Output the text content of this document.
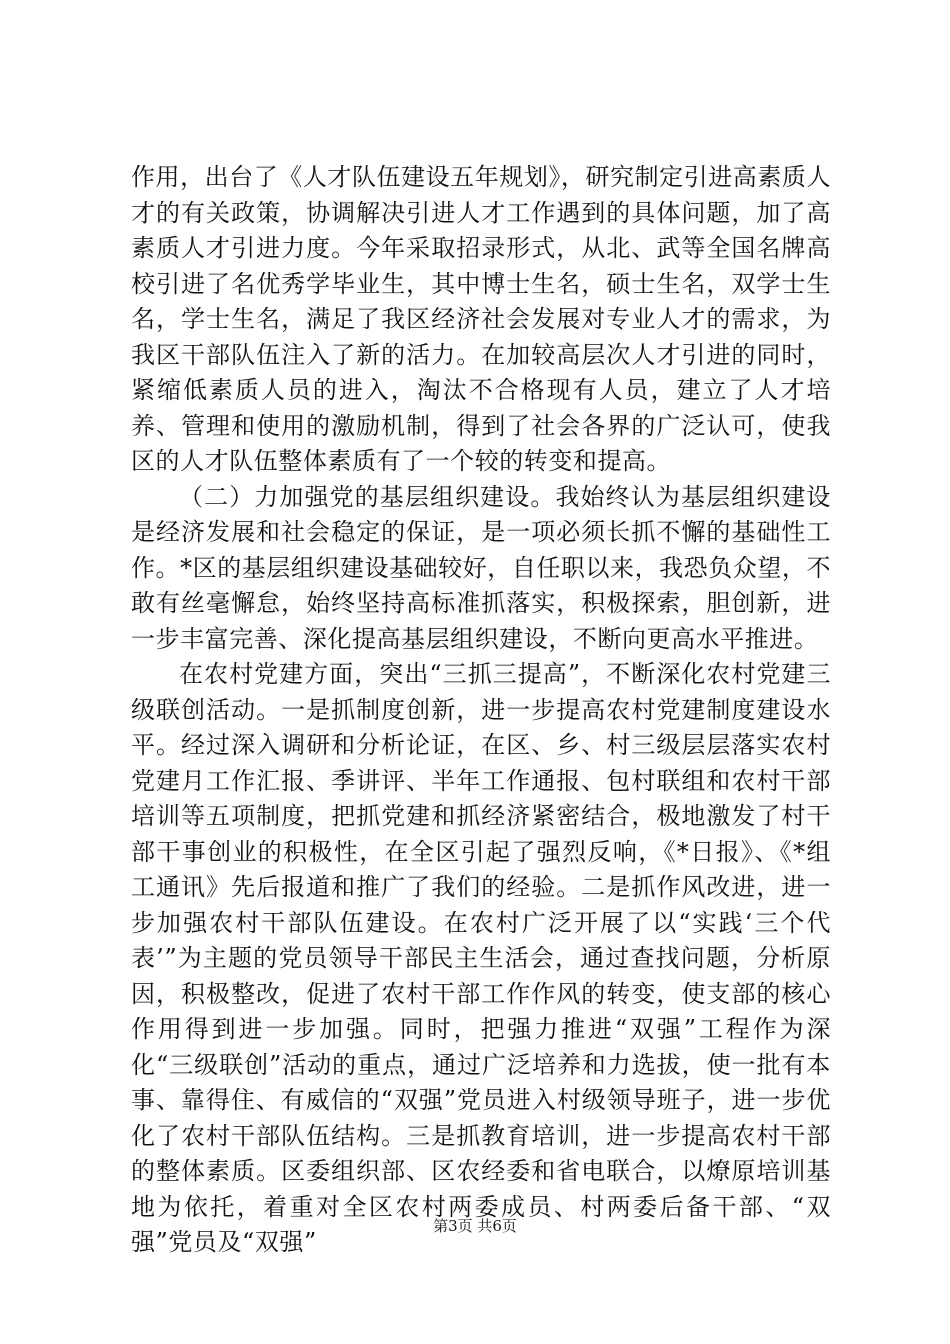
作用，出台了《人才队伍建设五年规划》，研究制定引进高素质人才的有关政策，协调解决引进人才工作遇到的具体问题，加了高素质人才引进力度。今年采取招录形式，从北、武等全国名牌高校引进了名优秀学毕业生，其中博士生名，硕士生名，双学士生名，学士生名，满足了我区经济社会发展对专业人才的需求，为我区干部队伍注入了新的活力。在加较高层次人才引进的同时，紧缩低素质人员的进入，淘汰不合格现有人员，建立了人才培养、管理和使用的激励机制，得到了社会各界的广泛认可，使我区的人才队伍整体素质有了一个较的转变和提高。

（二）力加强党的基层组织建设。我始终认为基层组织建设是经济发展和社会稳定的保证，是一项必须长抓不懈的基础性工作。*区的基层组织建设基础较好，自任职以来，我恐负众望，不敢有丝毫懈怠，始终坚持高标准抓落实，积极探索，胆创新，进一步丰富完善、深化提高基层组织建设，不断向更高水平推进。

在农村党建方面，突出“三抓三提高”，不断深化农村党建三级联创活动。一是抓制度创新，进一步提高农村党建制度建设水平。经过深入调研和分析论证，在区、乡、村三级层层落实农村党建月工作汇报、季讲评、半年工作通报、包村联组和农村干部培训等五项制度，把抓党建和抓经济紧密结合，极地激发了村干部干事创业的积极性，在全区引起了强烈反响，《*日报》、《*组工通讯》先后报道和推广了我们的经验。二是抓作风改进，进一步加强农村干部队伍建设。在农村广泛开展了以“实践‘三个代表’”为主题的党员领导干部民主生活会，通过查找问题，分析原因，积极整改，促进了农村干部工作作风的转变，使支部的核心作用得到进一步加强。同时，把强力推进“双强”工程作为深化“三级联创”活动的重点，通过广泛培养和力选拔，使一批有本事、靠得住、有威信的“双强”党员进入村级领导班子，进一步优化了农村干部队伍结构。三是抓教育培训，进一步提高农村干部的整体素质。区委组织部、区农经委和省电联合，以燎原培训基地为依托，着重对全区农村两委成员、村两委后备干部、“双强”党员及“双强”

第3页 共6页
